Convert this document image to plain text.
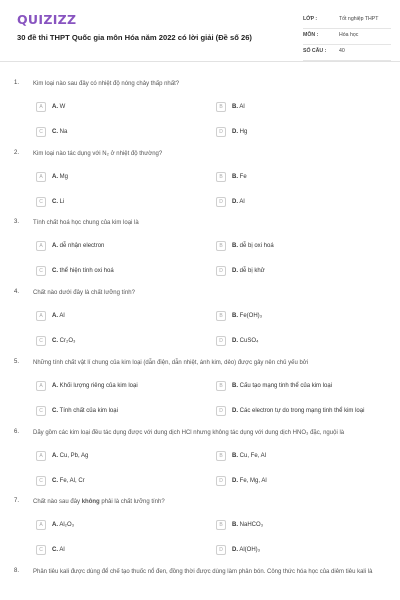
QUIZIZZ
30 đề thi THPT Quốc gia môn Hóa năm 2022 có lời giải (Đề số 26)
LỚP :	Tốt nghiệp THPT
MÔN :	Hóa học
SỐ CÂU : 40
1. Kim loại nào sau đây có nhiệt độ nóng chảy thấp nhất?
A	A. W	B	B. Al
C	C. Na	D	D. Hg
2. Kim loại nào tác dụng với N₂ ở nhiệt độ thường?
A	A. Mg	B	B. Fe
C	C. Li	D	D. Al
3. Tính chất hoá học chung của kim loại là
A	A. dễ nhận electron	B	B. dễ bị oxi hoá
C	C. thể hiện tính oxi hoá	D	D. dễ bị khử
4. Chất nào dưới đây là chất lưỡng tính?
A	A. Al	B	B. Fe(OH)₃
C	C. Cr₂O₃	D	D. CuSO₄
5. Những tính chất vật lí chung của kim loại (dẫn điện, dẫn nhiệt, ánh kim, dẻo) được gây nên chủ yếu bởi
A	A. Khối lượng riêng của kim loại	B	B. Cấu tạo mạng tinh thể của kim loại
C	C. Tính chất của kim loại	D	D. Các electron tự do trong mạng tinh thể kim loại
6. Dãy gồm các kim loại đều tác dụng được với dung dịch HCl nhưng không tác dụng với dung dịch HNO₃ đặc, nguội là
A	A. Cu, Pb, Ag	B	B. Cu, Fe, Al
C	C. Fe, Al, Cr	D	D. Fe, Mg, Al
7. Chất nào sau đây không phải là chất lưỡng tính?
A	A. Al₂O₃	B	B. NaHCO₃
C	C. Al	D	D. Al(OH)₃
8. Phân tiêu kali được dùng để chế tạo thuốc nổ đen, đồng thời được dùng làm phân bón. Công thức hóa học của diêm tiêu kali là
